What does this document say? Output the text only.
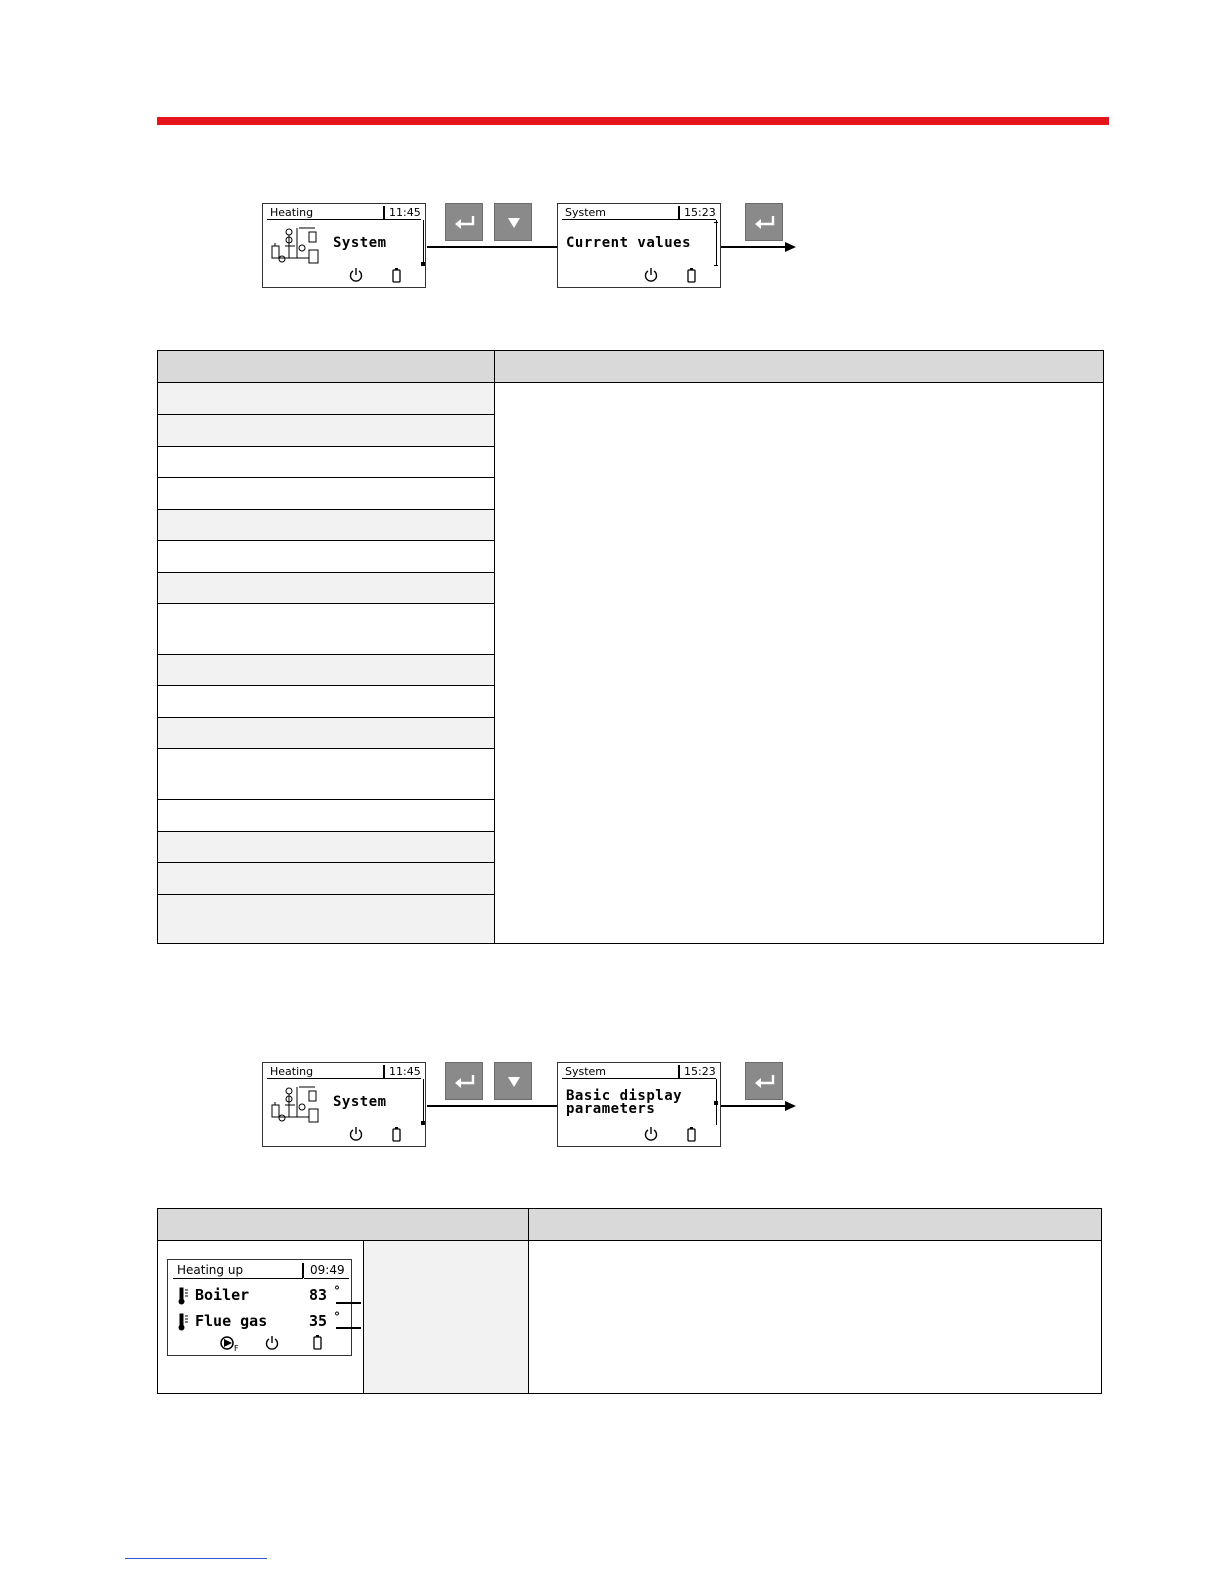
Heating	11:45
System
System	15:23
Current values
Heating	11:45
System
System	15:23
Basic display
parameters
Heating up	09:49
Boiler	83 °
Flue gas	35 °
F
